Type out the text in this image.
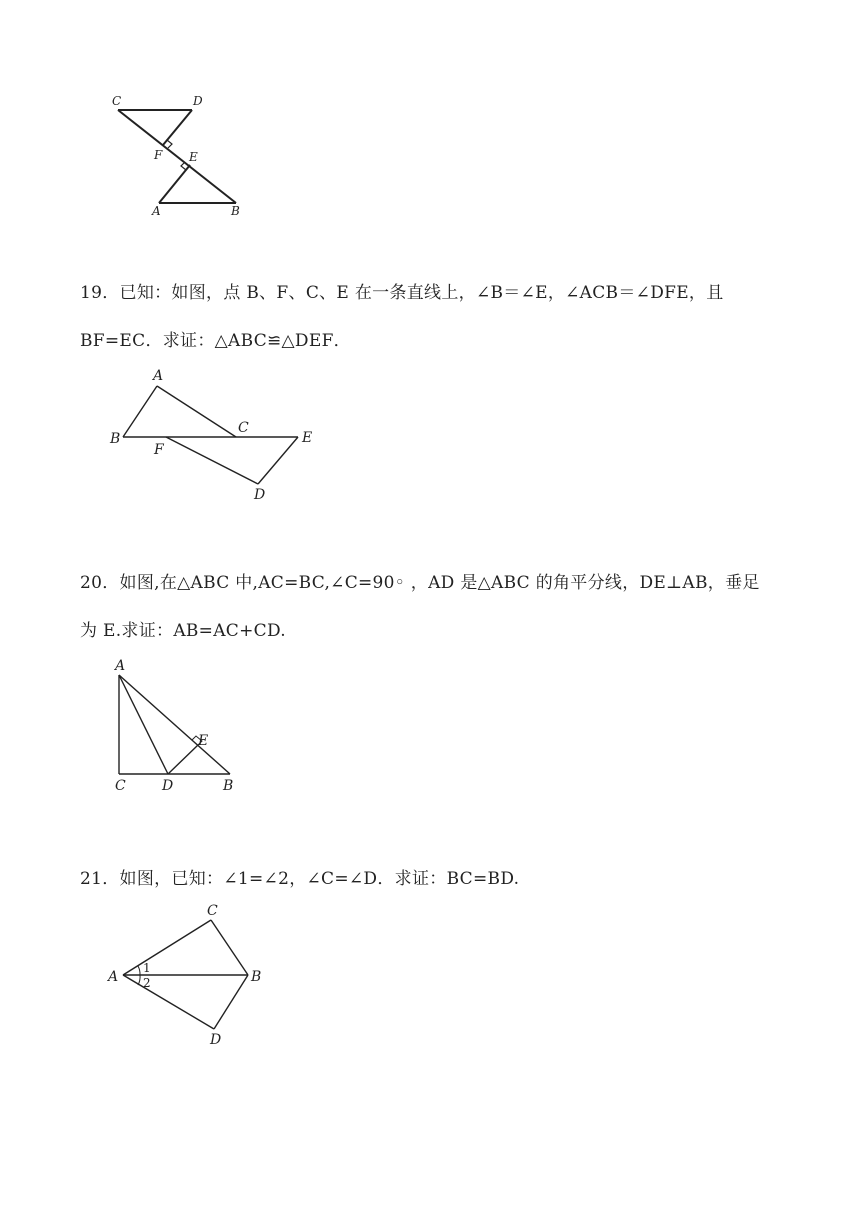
C	D
F E
A	B
19．已知：如图，点 B、F、C、E 在一条直线上，∠B＝∠E，∠ACB＝∠DFE，且
BF=EC．求证：△ABC≌△DEF．
A
B
C
E
F
D
20．如图,在△ABC 中,AC=BC,∠C=90◦ ，AD 是△ABC 的角平分线，DE⊥AB，垂足
为 E.求证：AB=AC+CD.
A
E
C	D	B
21．如图，已知：∠1=∠2，∠C=∠D．求证：BC=BD.
C
A	B
D
1
2
